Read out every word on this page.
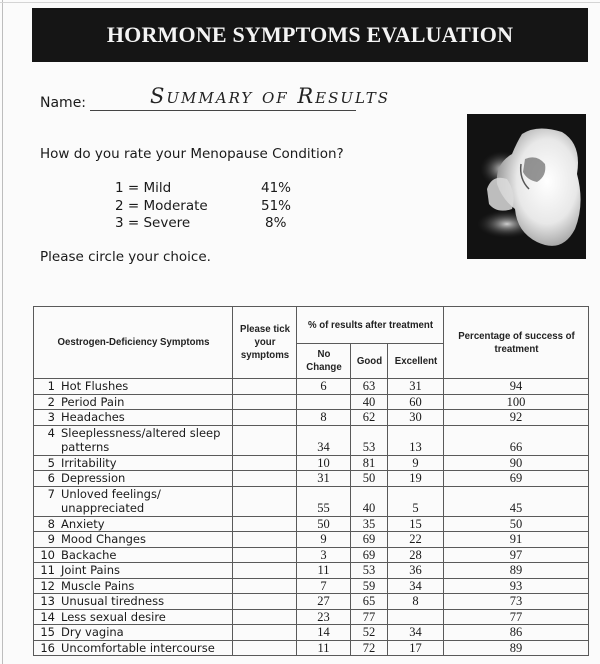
HORMONE SYMPTOMS EVALUATION
Name:	Summary of Results
How do you rate your Menopause Condition?
1 = Mild	41%
2 = Moderate	51%
3 = Severe	8%
Please circle your choice.
Oestrogen-Deficiency Symptoms	Please tick your symptoms	% of results after treatment			Percentage of success of treatment
		No Change	Good	Excellent	
1 Hot Flushes		6	63	31	94
2 Period Pain			40	60	100
3 Headaches		8	62	30	92
4 Sleeplessness/altered sleep
patterns		34	53	13	66
5 Irritability		10	81	9	90
6 Depression		31	50	19	69
7 Unloved feelings/
unappreciated		55	40	5	45
8 Anxiety		50	35	15	50
9 Mood Changes		9	69	22	91
10 Backache		3	69	28	97
11 Joint Pains		11	53	36	89
12 Muscle Pains		7	59	34	93
13 Unusual tiredness		27	65	8	73
14 Less sexual desire		23	77		77
15 Dry vagina		14	52	34	86
16 Uncomfortable intercourse		11	72	17	89
